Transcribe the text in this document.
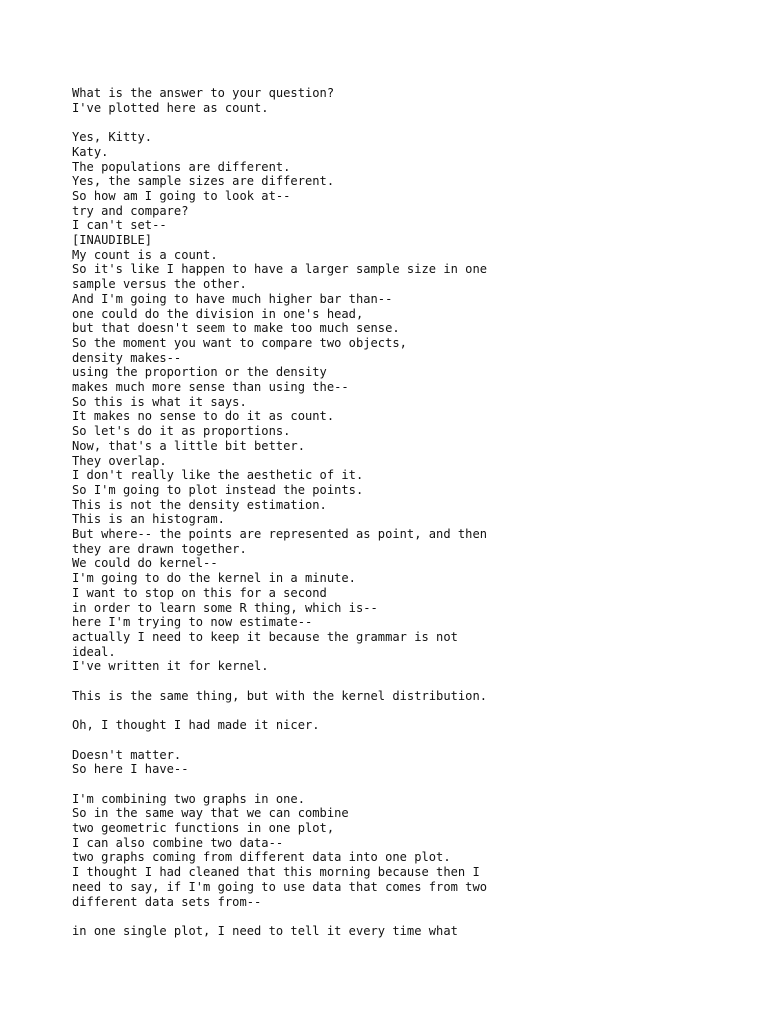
What is the answer to your question?
I've plotted here as count.
Yes, Kitty.
Katy.
The populations are different.
Yes, the sample sizes are different.
So how am I going to look at--
try and compare?
I can't set--
[INAUDIBLE]
My count is a count.
So it's like I happen to have a larger sample size in one
sample versus the other.
And I'm going to have much higher bar than--
one could do the division in one's head,
but that doesn't seem to make too much sense.
So the moment you want to compare two objects,
density makes--
using the proportion or the density
makes much more sense than using the--
So this is what it says.
It makes no sense to do it as count.
So let's do it as proportions.
Now, that's a little bit better.
They overlap.
I don't really like the aesthetic of it.
So I'm going to plot instead the points.
This is not the density estimation.
This is an histogram.
But where-- the points are represented as point, and then
they are drawn together.
We could do kernel--
I'm going to do the kernel in a minute.
I want to stop on this for a second
in order to learn some R thing, which is--
here I'm trying to now estimate--
actually I need to keep it because the grammar is not
ideal.
I've written it for kernel.
This is the same thing, but with the kernel distribution.
Oh, I thought I had made it nicer.
Doesn't matter.
So here I have--
I'm combining two graphs in one.
So in the same way that we can combine
two geometric functions in one plot,
I can also combine two data--
two graphs coming from different data into one plot.
I thought I had cleaned that this morning because then I
need to say, if I'm going to use data that comes from two
different data sets from--
in one single plot, I need to tell it every time what
